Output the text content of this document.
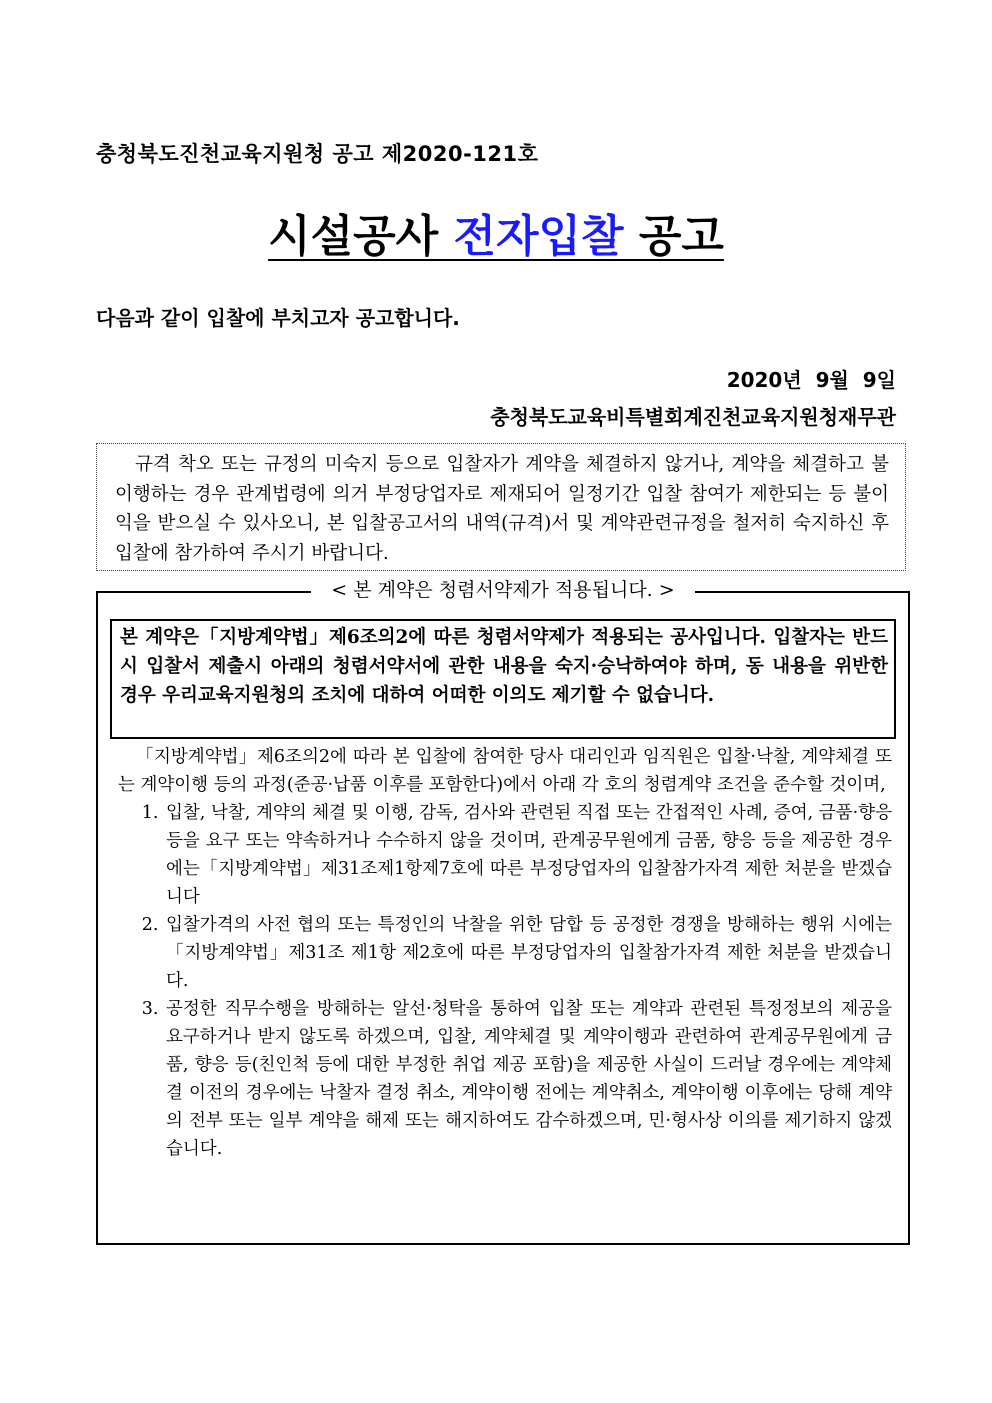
충청북도진천교육지원청 공고 제2020-121호
시설공사 전자입찰 공고
다음과 같이 입찰에 부치고자 공고합니다.
2020년  9월  9일
충청북도교육비특별회계진천교육지원청재무관
규격 착오 또는 규정의 미숙지 등으로 입찰자가 계약을 체결하지 않거나, 계약을 체결하고 불이행하는 경우 관계법령에 의거 부정당업자로 제재되어 일정기간 입찰 참여가 제한되는 등 불이익을 받으실 수 있사오니, 본 입찰공고서의 내역(규격)서 및 계약관련규정을 철저히 숙지하신 후 입찰에 참가하여 주시기 바랍니다.
< 본 계약은 청렴서약제가 적용됩니다. >
본 계약은「지방계약법」제6조의2에 따른 청렴서약제가 적용되는 공사입니다. 입찰자는 반드시 입찰서 제출시 아래의 청렴서약서에 관한 내용을 숙지·승낙하여야 하며, 동 내용을 위반한 경우 우리교육지원청의 조치에 대하여 어떠한 이의도 제기할 수 없습니다.

「지방계약법」제6조의2에 따라 본 입찰에 참여한 당사 대리인과 임직원은 입찰·낙찰, 계약체결 또는 계약이행 등의 과정(준공·납품 이후를 포함한다)에서 아래 각 호의 청렴계약 조건을 준수할 것이며,

1. 입찰, 낙찰, 계약의 체결 및 이행, 감독, 검사와 관련된 직접 또는 간접적인 사례, 증여, 금품·향응 등을 요구 또는 약속하거나 수수하지 않을 것이며, 관계공무원에게 금품, 향응 등을 제공한 경우에는「지방계약법」제31조제1항제7호에 따른 부정당업자의 입찰참가자격 제한 처분을 받겠습니다
2. 입찰가격의 사전 협의 또는 특정인의 낙찰을 위한 담합 등 공정한 경쟁을 방해하는 행위 시에는「지방계약법」제31조 제1항 제2호에 따른 부정당업자의 입찰참가자격 제한 처분을 받겠습니다.
3. 공정한 직무수행을 방해하는 알선·청탁을 통하여 입찰 또는 계약과 관련된 특정정보의 제공을 요구하거나 받지 않도록 하겠으며, 입찰, 계약체결 및 계약이행과 관련하여 관계공무원에게 금품, 향응 등(친인척 등에 대한 부정한 취업 제공 포함)을 제공한 사실이 드러날 경우에는 계약체결 이전의 경우에는 낙찰자 결정 취소, 계약이행 전에는 계약취소, 계약이행 이후에는 당해 계약의 전부 또는 일부 계약을 해제 또는 해지하여도 감수하겠으며, 민·형사상 이의를 제기하지 않겠습니다.
